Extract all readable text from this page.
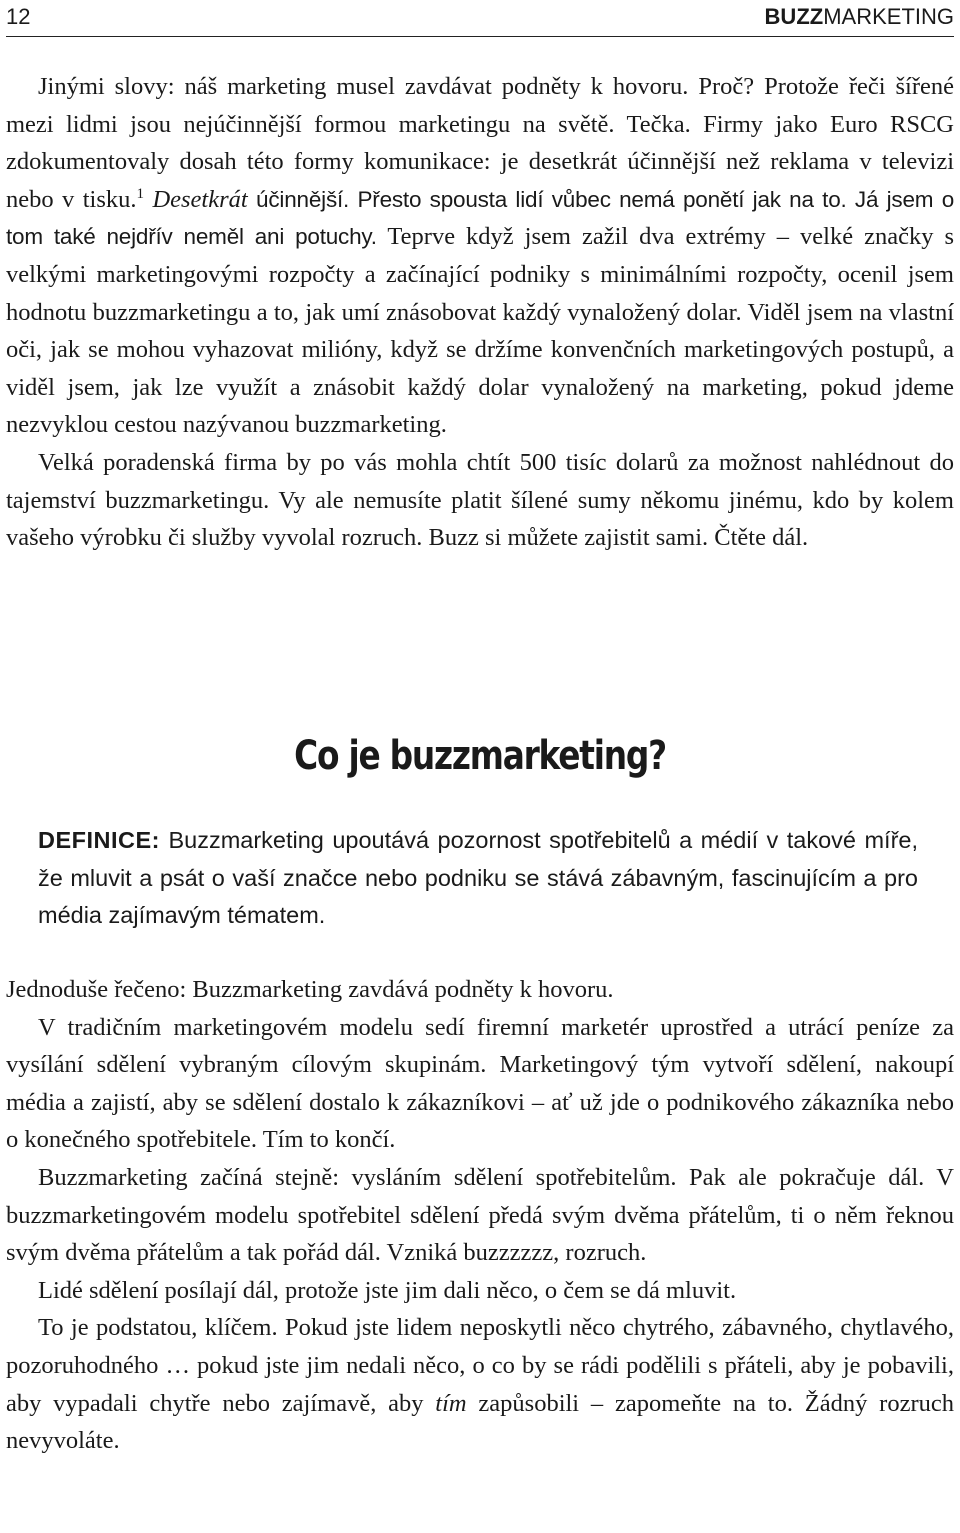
12	BUZZMARKETING

Jinými slovy: náš marketing musel zavdávat podněty k hovoru. Proč? Protože řeči šířené mezi lidmi jsou nejúčinnější formou marketingu na světě. Tečka. Firmy jako Euro RSCG zdokumentovaly dosah této formy komunikace: je desetkrát účinnější než reklama v televizi nebo v tisku.$^1$ Desetkrát účinnější. Přesto spousta lidí vůbec nemá ponětí jak na to. Já jsem o tom také nejdřív neměl ani potuchy. Teprve když jsem zažil dva extrémy – velké značky s velkými marketingovými rozpočty a začínající podniky s minimálními rozpočty, ocenil jsem hodnotu buzzmarketingu a to, jak umí znásobovat každý vynaložený dolar. Viděl jsem na vlastní oči, jak se mohou vyhazovat milióny, když se držíme konvenčních marketingových postupů, a viděl jsem, jak lze využít a znásobit každý dolar vynaložený na marketing, pokud jdeme nezvyklou cestou nazývanou buzzmarketing.

Velká poradenská firma by po vás mohla chtít 500 tisíc dolarů za možnost nahlédnout do tajemství buzzmarketingu. Vy ale nemusíte platit šílené sumy někomu jinému, kdo by kolem vašeho výrobku či služby vyvolal rozruch. Buzz si můžete zajistit sami. Čtěte dál.

Co je buzzmarketing?
DEFINICE: Buzzmarketing upoutává pozornost spotřebitelů a médií v takové míře, že mluvit a psát o vaší značce nebo podniku se stává zábavným, fascinujícím a pro média zajímavým tématem.

Jednoduše řečeno: Buzzmarketing zavdává podněty k hovoru.

V tradičním marketingovém modelu sedí firemní marketér uprostřed a utrácí peníze za vysílání sdělení vybraným cílovým skupinám. Marketingový tým vytvoří sdělení, nakoupí média a zajistí, aby se sdělení dostalo k zákazníkovi – ať už jde o podnikového zákazníka nebo o konečného spotřebitele. Tím to končí.

Buzzmarketing začíná stejně: vysláním sdělení spotřebitelům. Pak ale pokračuje dál. V buzzmarketingovém modelu spotřebitel sdělení předá svým dvěma přátelům, ti o něm řeknou svým dvěma přátelům a tak pořád dál. Vzniká buzzzzzz, rozruch.

Lidé sdělení posílají dál, protože jste jim dali něco, o čem se dá mluvit.

To je podstatou, klíčem. Pokud jste lidem neposkytli něco chytrého, zábavného, chytlavého, pozoruhodného … pokud jste jim nedali něco, o co by se rádi podělili s přáteli, aby je pobavili, aby vypadali chytře nebo zajímavě, aby tím zapůsobili – zapomeňte na to. Žádný rozruch nevyvoláte.
